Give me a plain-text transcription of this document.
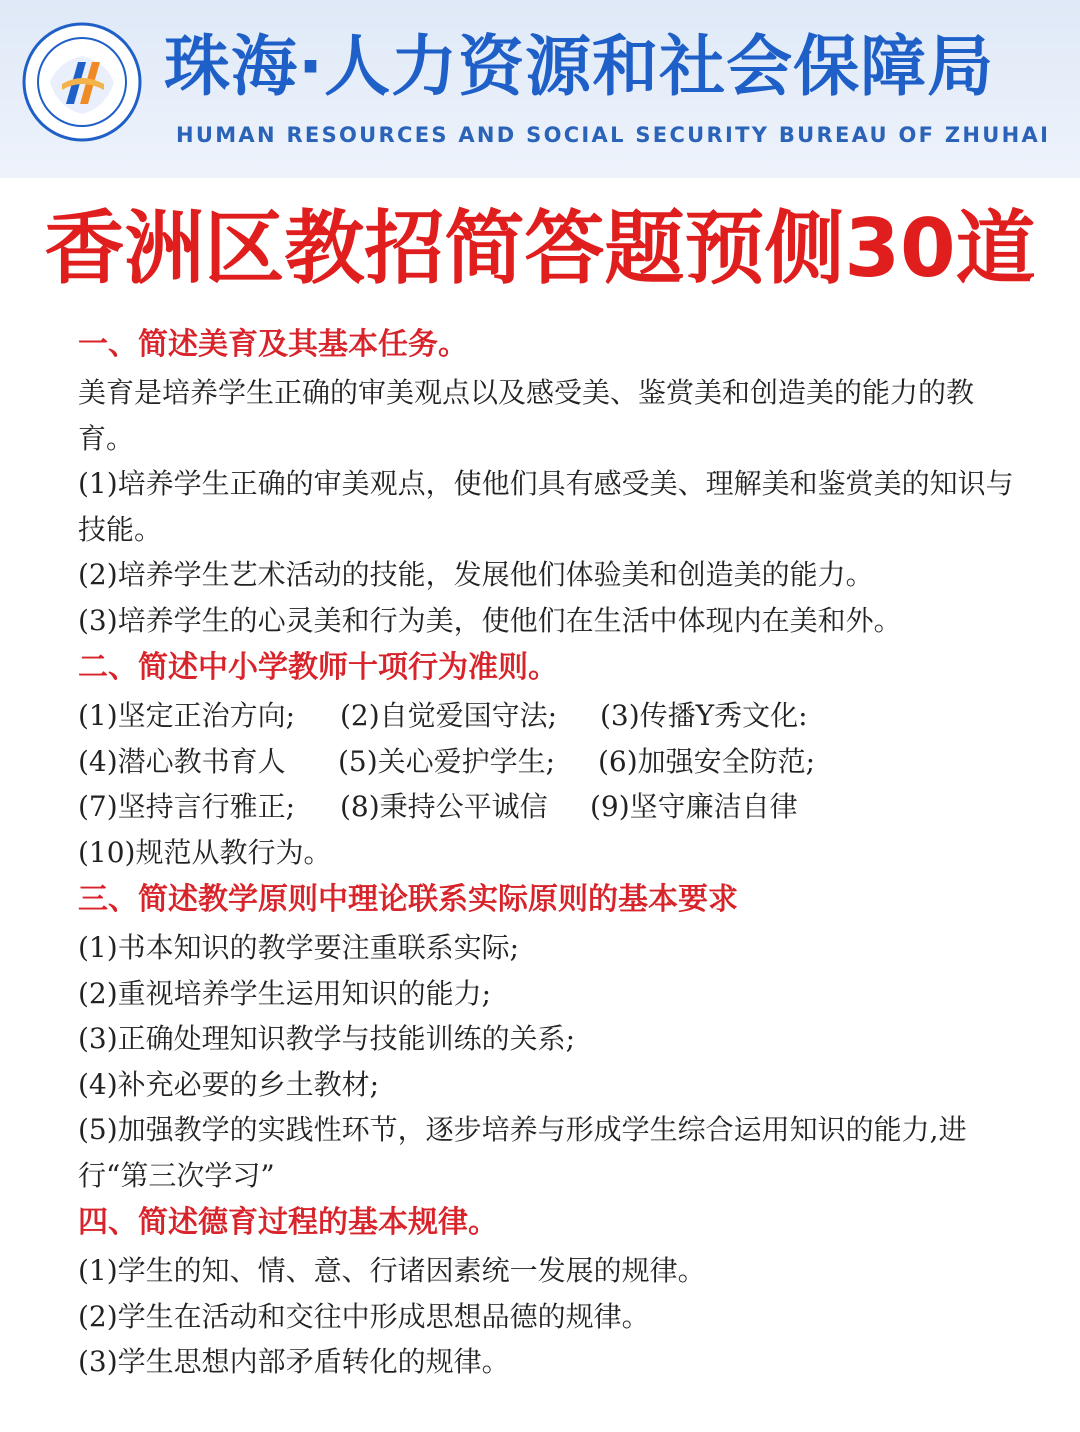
珠海·人力资源和社会保障局
HUMAN RESOURCES AND SOCIAL SECURITY BUREAU OF ZHUHAI
香洲区教招简答题预侧30道
一、简述美育及其基本任务。
美育是培养学生正确的审美观点以及感受美、鉴赏美和创造美的能力的教育。
(1)培养学生正确的审美观点，使他们具有感受美、理解美和鉴赏美的知识与技能。
(2)培养学生艺术活动的技能，发展他们体验美和创造美的能力。
(3)培养学生的心灵美和行为美，使他们在生活中体现内在美和外。
二、简述中小学教师十项行为准则。
(1)坚定正治方向; (2)自觉爱国守法; (3)传播Y秀文化:
(4)潜心教书育人 (5)关心爱护学生; (6)加强安全防范;
(7)坚持言行雅正; (8)秉持公平诚信 (9)坚守廉洁自律
(10)规范从教行为。
三、简述教学原则中理论联系实际原则的基本要求
(1)书本知识的教学要注重联系实际;
(2)重视培养学生运用知识的能力;
(3)正确处理知识教学与技能训练的关系;
(4)补充必要的乡土教材;
(5)加强教学的实践性环节，逐步培养与形成学生综合运用知识的能力,进行“第三次学习”
四、简述德育过程的基本规律。
(1)学生的知、情、意、行诸因素统一发展的规律。
(2)学生在活动和交往中形成思想品德的规律。
(3)学生思想内部矛盾转化的规律。
